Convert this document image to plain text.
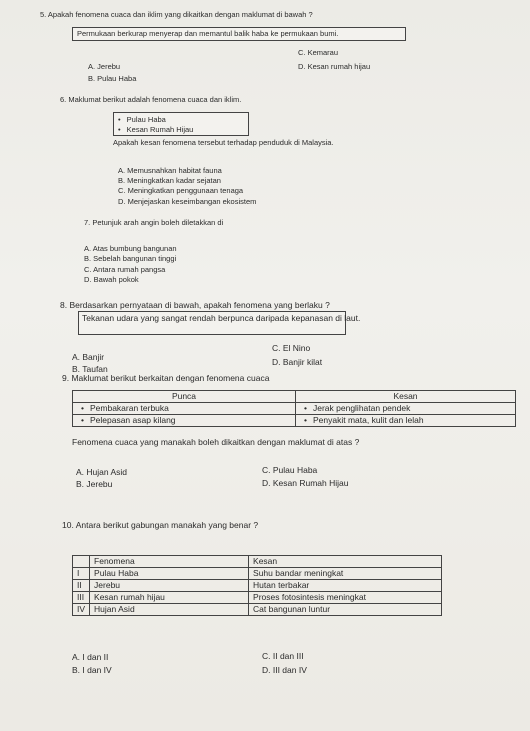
5. Apakah fenomena cuaca dan iklim yang dikaitkan dengan maklumat di bawah ?
Permukaan berkurap menyerap dan memantul balik haba ke permukaan bumi.
A. Jerebu
B. Pulau Haba
C. Kemarau
D. Kesan rumah hijau
6. Maklumat berikut adalah fenomena cuaca dan iklim.
• Pulau Haba
• Kesan Rumah Hijau
Apakah kesan fenomena tersebut terhadap penduduk di Malaysia.
A. Memusnahkan habitat fauna
B. Meningkatkan kadar sejatan
C. Meningkatkan penggunaan tenaga
D. Menjejaskan keseimbangan ekosistem
7. Petunjuk arah angin boleh diletakkan di
A. Atas bumbung bangunan
B. Sebelah bangunan tinggi
C. Antara rumah pangsa
D. Bawah pokok
8. Berdasarkan pernyataan di bawah, apakah fenomena yang berlaku ?
Tekanan udara yang sangat rendah berpunca daripada kepanasan di laut.
A. Banjir
B. Taufan
C. El Nino
D. Banjir kilat
9. Maklumat berikut berkaitan dengan fenomena cuaca
Punca	Kesan
• Pembakaran terbuka	•Jerak penglihatan pendek
• Pelepasan asap kilang	•Penyakit mata, kulit dan lelah
Fenomena cuaca yang manakah boleh dikaitkan dengan maklumat di atas ?
A. Hujan Asid
B. Jerebu
C. Pulau Haba
D. Kesan Rumah Hijau
10. Antara berikut gabungan manakah yang benar ?
	Fenomena	Kesan
I	Pulau Haba	Suhu bandar meningkat
II	Jerebu	Hutan terbakar
III	Kesan rumah hijau	Proses fotosintesis meningkat
IV	Hujan Asid	Cat bangunan luntur
A. I dan II
B. I dan IV
C. II dan III
D. III dan IV
